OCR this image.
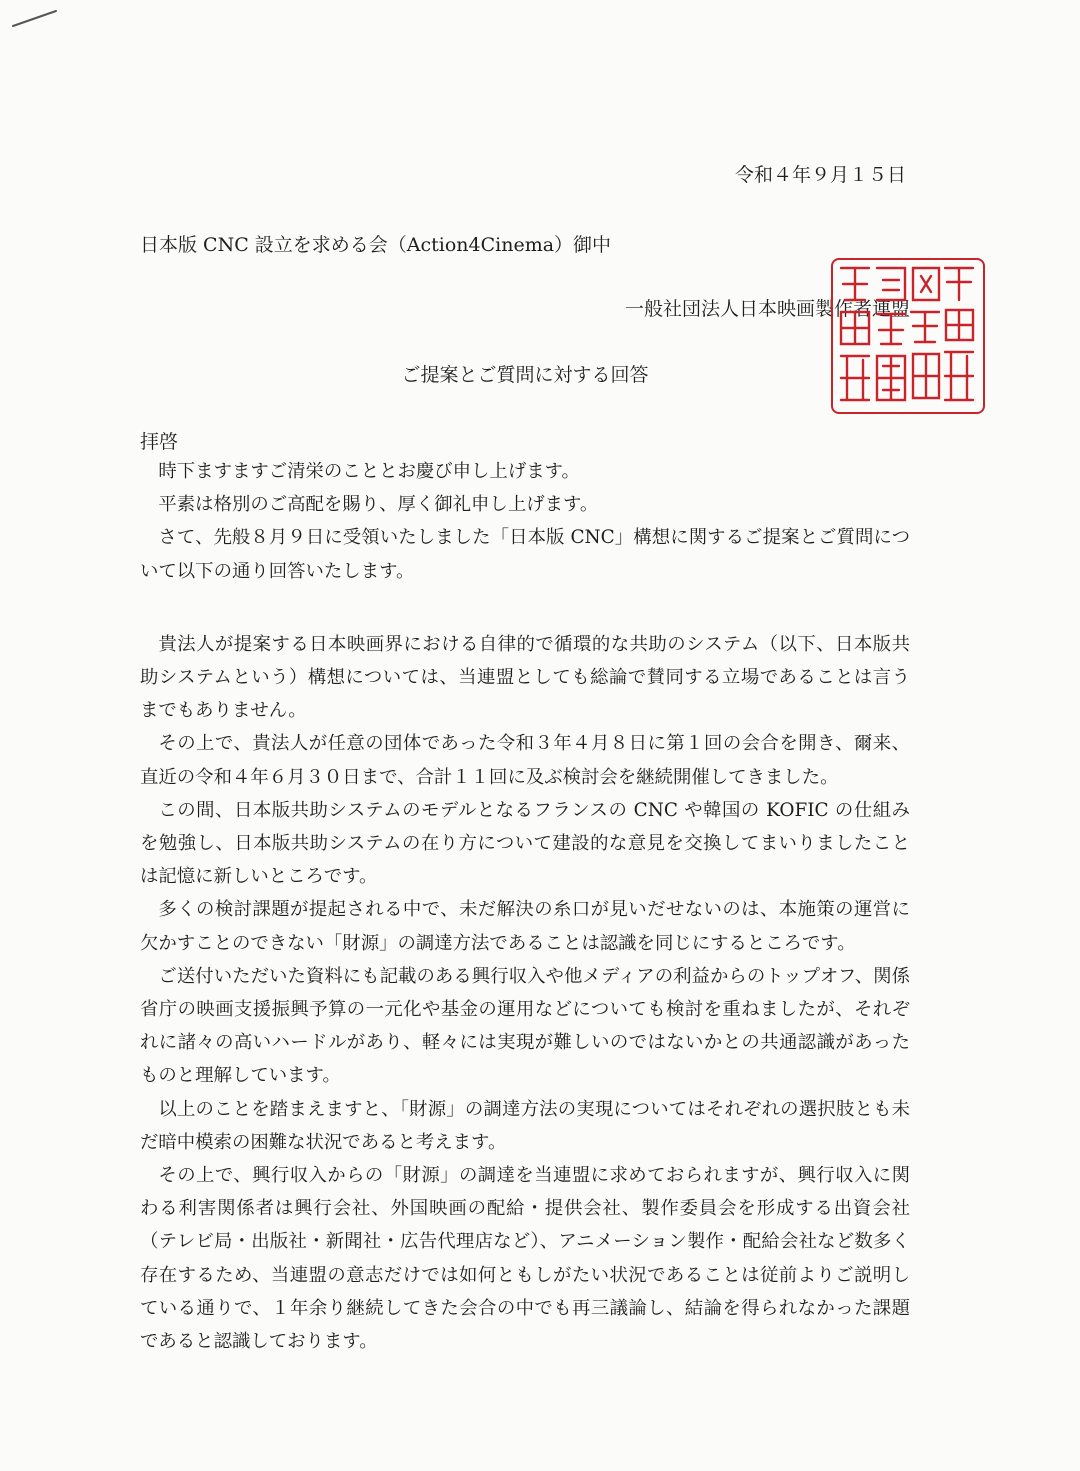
令和４年９月１５日
日本版 CNC 設立を求める会（Action4Cinema）御中
一般社団法人日本映画製作者連盟
ご提案とご質問に対する回答
拝啓

時下ますますご清栄のこととお慶び申し上げます。

平素は格別のご高配を賜り、厚く御礼申し上げます。

さて、先般８月９日に受領いたしました「日本版 CNC」構想に関するご提案とご質問について以下の通り回答いたします。

貴法人が提案する日本映画界における自律的で循環的な共助のシステム（以下、日本版共助システムという）構想については、当連盟としても総論で賛同する立場であることは言うまでもありません。

その上で、貴法人が任意の団体であった令和３年４月８日に第１回の会合を開き、爾来、直近の令和４年６月３０日まで、合計１１回に及ぶ検討会を継続開催してきました。

この間、日本版共助システムのモデルとなるフランスの CNC や韓国の KOFIC の仕組みを勉強し、日本版共助システムの在り方について建設的な意見を交換してまいりましたことは記憶に新しいところです。

多くの検討課題が提起される中で、未だ解決の糸口が見いだせないのは、本施策の運営に欠かすことのできない「財源」の調達方法であることは認識を同じにするところです。

ご送付いただいた資料にも記載のある興行収入や他メディアの利益からのトップオフ、関係省庁の映画支援振興予算の一元化や基金の運用などについても検討を重ねましたが、それぞれに諸々の高いハードルがあり、軽々には実現が難しいのではないかとの共通認識があったものと理解しています。

以上のことを踏まえますと、「財源」の調達方法の実現についてはそれぞれの選択肢とも未だ暗中模索の困難な状況であると考えます。

その上で、興行収入からの「財源」の調達を当連盟に求めておられますが、興行収入に関わる利害関係者は興行会社、外国映画の配給・提供会社、製作委員会を形成する出資会社（テレビ局・出版社・新聞社・広告代理店など）、アニメーション製作・配給会社など数多く存在するため、当連盟の意志だけでは如何ともしがたい状況であることは従前よりご説明している通りで、１年余り継続してきた会合の中でも再三議論し、結論を得られなかった課題であると認識しております。
